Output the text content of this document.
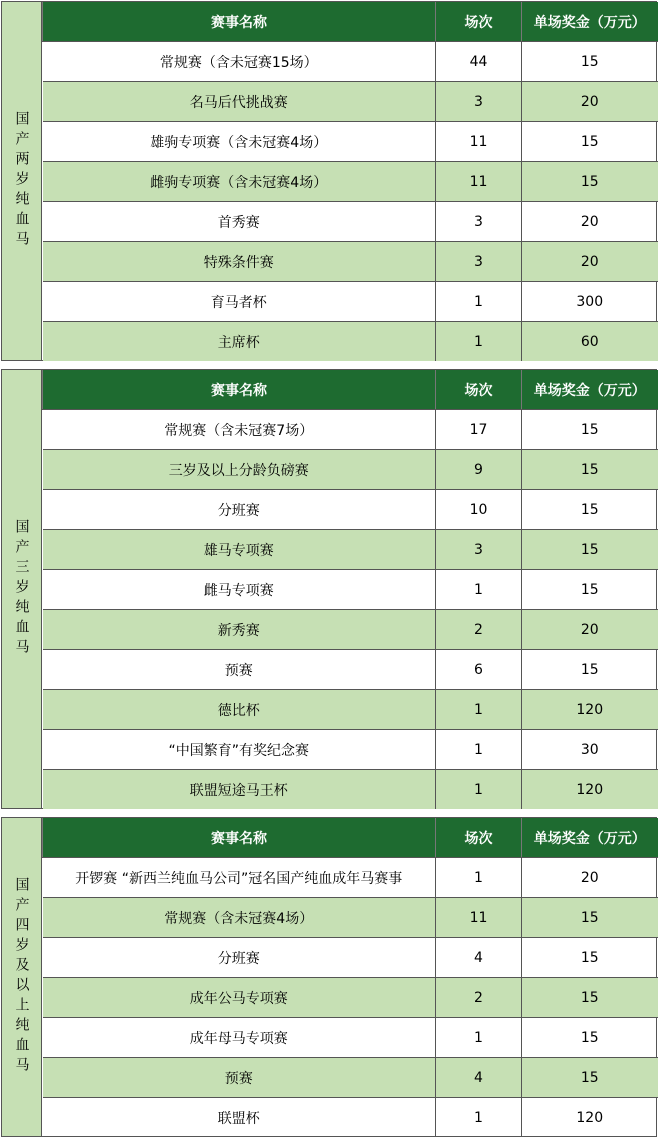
国产两岁纯血马
赛事名称	场次	单场奖金（万元）
常规赛（含未冠赛15场）	44	15
名马后代挑战赛	3	20
雄驹专项赛（含未冠赛4场）	11	15
雌驹专项赛（含未冠赛4场）	11	15
首秀赛	3	20
特殊条件赛	3	20
育马者杯	1	300
主席杯	1	60
国产三岁纯血马
赛事名称	场次	单场奖金（万元）
常规赛（含未冠赛7场）	17	15
三岁及以上分龄负磅赛	9	15
分班赛	10	15
雄马专项赛	3	15
雌马专项赛	1	15
新秀赛	2	20
预赛	6	15
德比杯	1	120
“中国繁育”有奖纪念赛	1	30
联盟短途马王杯	1	120
国产四岁及以上纯血马
赛事名称	场次	单场奖金（万元）
开锣赛 “新西兰纯血马公司”冠名国产纯血成年马赛事	1	20
常规赛（含未冠赛4场）	11	15
分班赛	4	15
成年公马专项赛	2	15
成年母马专项赛	1	15
预赛	4	15
联盟杯	1	120
